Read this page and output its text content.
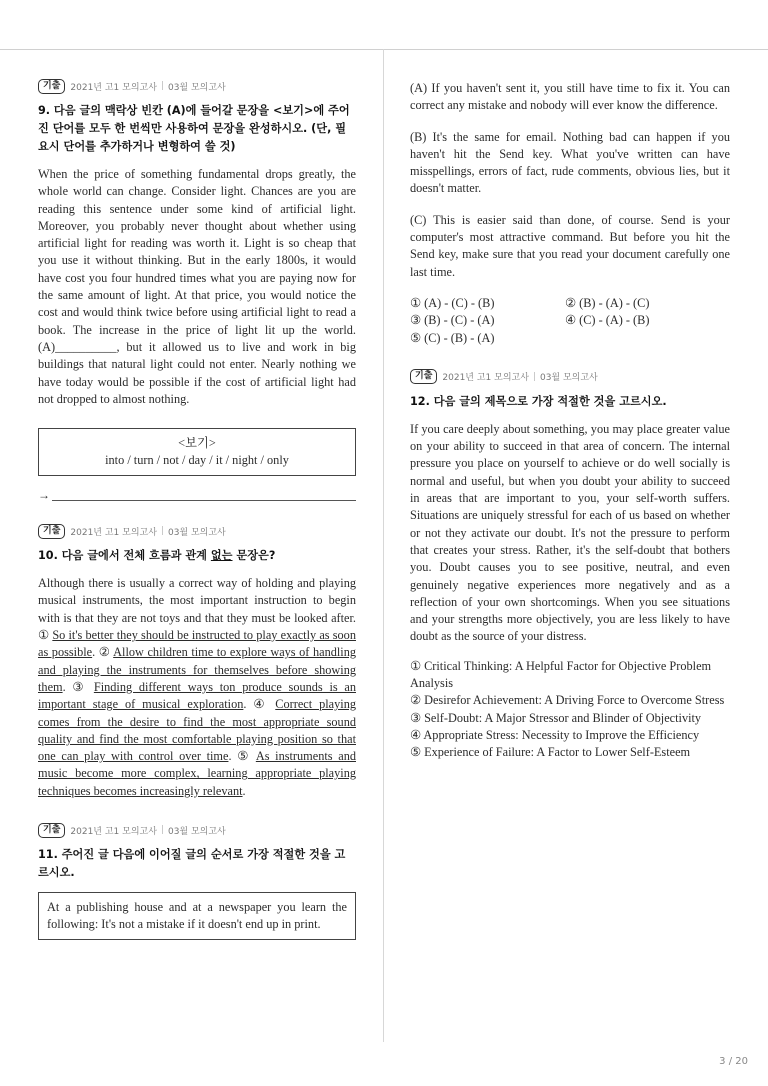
기출	2021년 고1 모의고사 | 03월 모의고사
9. 다음 글의 맥락상 빈칸 (A)에 들어갈 문장을 <보기>에 주어진 단어를 모두 한 번씩만 사용하여 문장을 완성하시오. (단, 필요시 단어를 추가하거나 변형하여 쓸 것)

When the price of something fundamental drops greatly, the whole world can change. Consider light. Chances are you are reading this sentence under some kind of artificial light. Moreover, you probably never thought about whether using artificial light for reading was worth it. Light is so cheap that you use it without thinking. But in the early 1800s, it would have cost you four hundred times what you are paying now for the same amount of light. At that price, you would notice the cost and would think twice before using artificial light to read a book. The increase in the price of light lit up the world. (A)__________, but it allowed us to live and work in big buildings that natural light could not enter. Nearly nothing we have today would be possible if the cost of artificial light had not dropped to almost nothing.

<보기>
into / turn / not / day / it / night / only
→
기출	2021년 고1 모의고사 | 03월 모의고사
10. 다음 글에서 전체 흐름과 관계 없는 문장은?

Although there is usually a correct way of holding and playing musical instruments, the most important instruction to begin with is that they are not toys and that they must be looked after. ① So it's better they should be instructed to play exactly as soon as possible. ② Allow children time to explore ways of handling and playing the instruments for themselves before showing them. ③ Finding different ways ton produce sounds is an important stage of musical exploration. ④ Correct playing comes from the desire to find the most appropriate sound quality and find the most comfortable playing position so that one can play with control over time. ⑤ As instruments and music become more complex, learning appropriate playing techniques becomes increasingly relevant.

기출	2021년 고1 모의고사 | 03월 모의고사
11. 주어진 글 다음에 이어질 글의 순서로 가장 적절한 것을 고르시오.
At a publishing house and at a newspaper you learn the following: It's not a mistake if it doesn't end up in print.

(A) If you haven't sent it, you still have time to fix it. You can correct any mistake and nobody will ever know the difference.

(B) It's the same for email. Nothing bad can happen if you haven't hit the Send key. What you've written can have misspellings, errors of fact, rude comments, obvious lies, but it doesn't matter.

(C) This is easier said than done, of course. Send is your computer's most attractive command. But before you hit the Send key, make sure that you read your document carefully one last time.

① (A) - (C) - (B)	② (B) - (A) - (C)
③ (B) - (C) - (A)	④ (C) - (A) - (B)
⑤ (C) - (B) - (A)
기출	2021년 고1 모의고사 | 03월 모의고사
12. 다음 글의 제목으로 가장 적절한 것을 고르시오.

If you care deeply about something, you may place greater value on your ability to succeed in that area of concern. The internal pressure you place on yourself to achieve or do well socially is normal and useful, but when you doubt your ability to succeed in areas that are important to you, your self-worth suffers. Situations are uniquely stressful for each of us based on whether or not they activate our doubt. It's not the pressure to perform that creates your stress. Rather, it's the self-doubt that bothers you. Doubt causes you to see positive, neutral, and even genuinely negative experiences more negatively and as a reflection of your own shortcomings. When you see situations and your strengths more objectively, you are less likely to have doubt as the source of your distress.

① Critical Thinking: A Helpful Factor for Objective Problem Analysis
② Desirefor Achievement: A Driving Force to Overcome Stress
③ Self-Doubt: A Major Stressor and Blinder of Objectivity
④ Appropriate Stress: Necessity to Improve the Efficiency
⑤ Experience of Failure: A Factor to Lower Self-Esteem
3 / 20
